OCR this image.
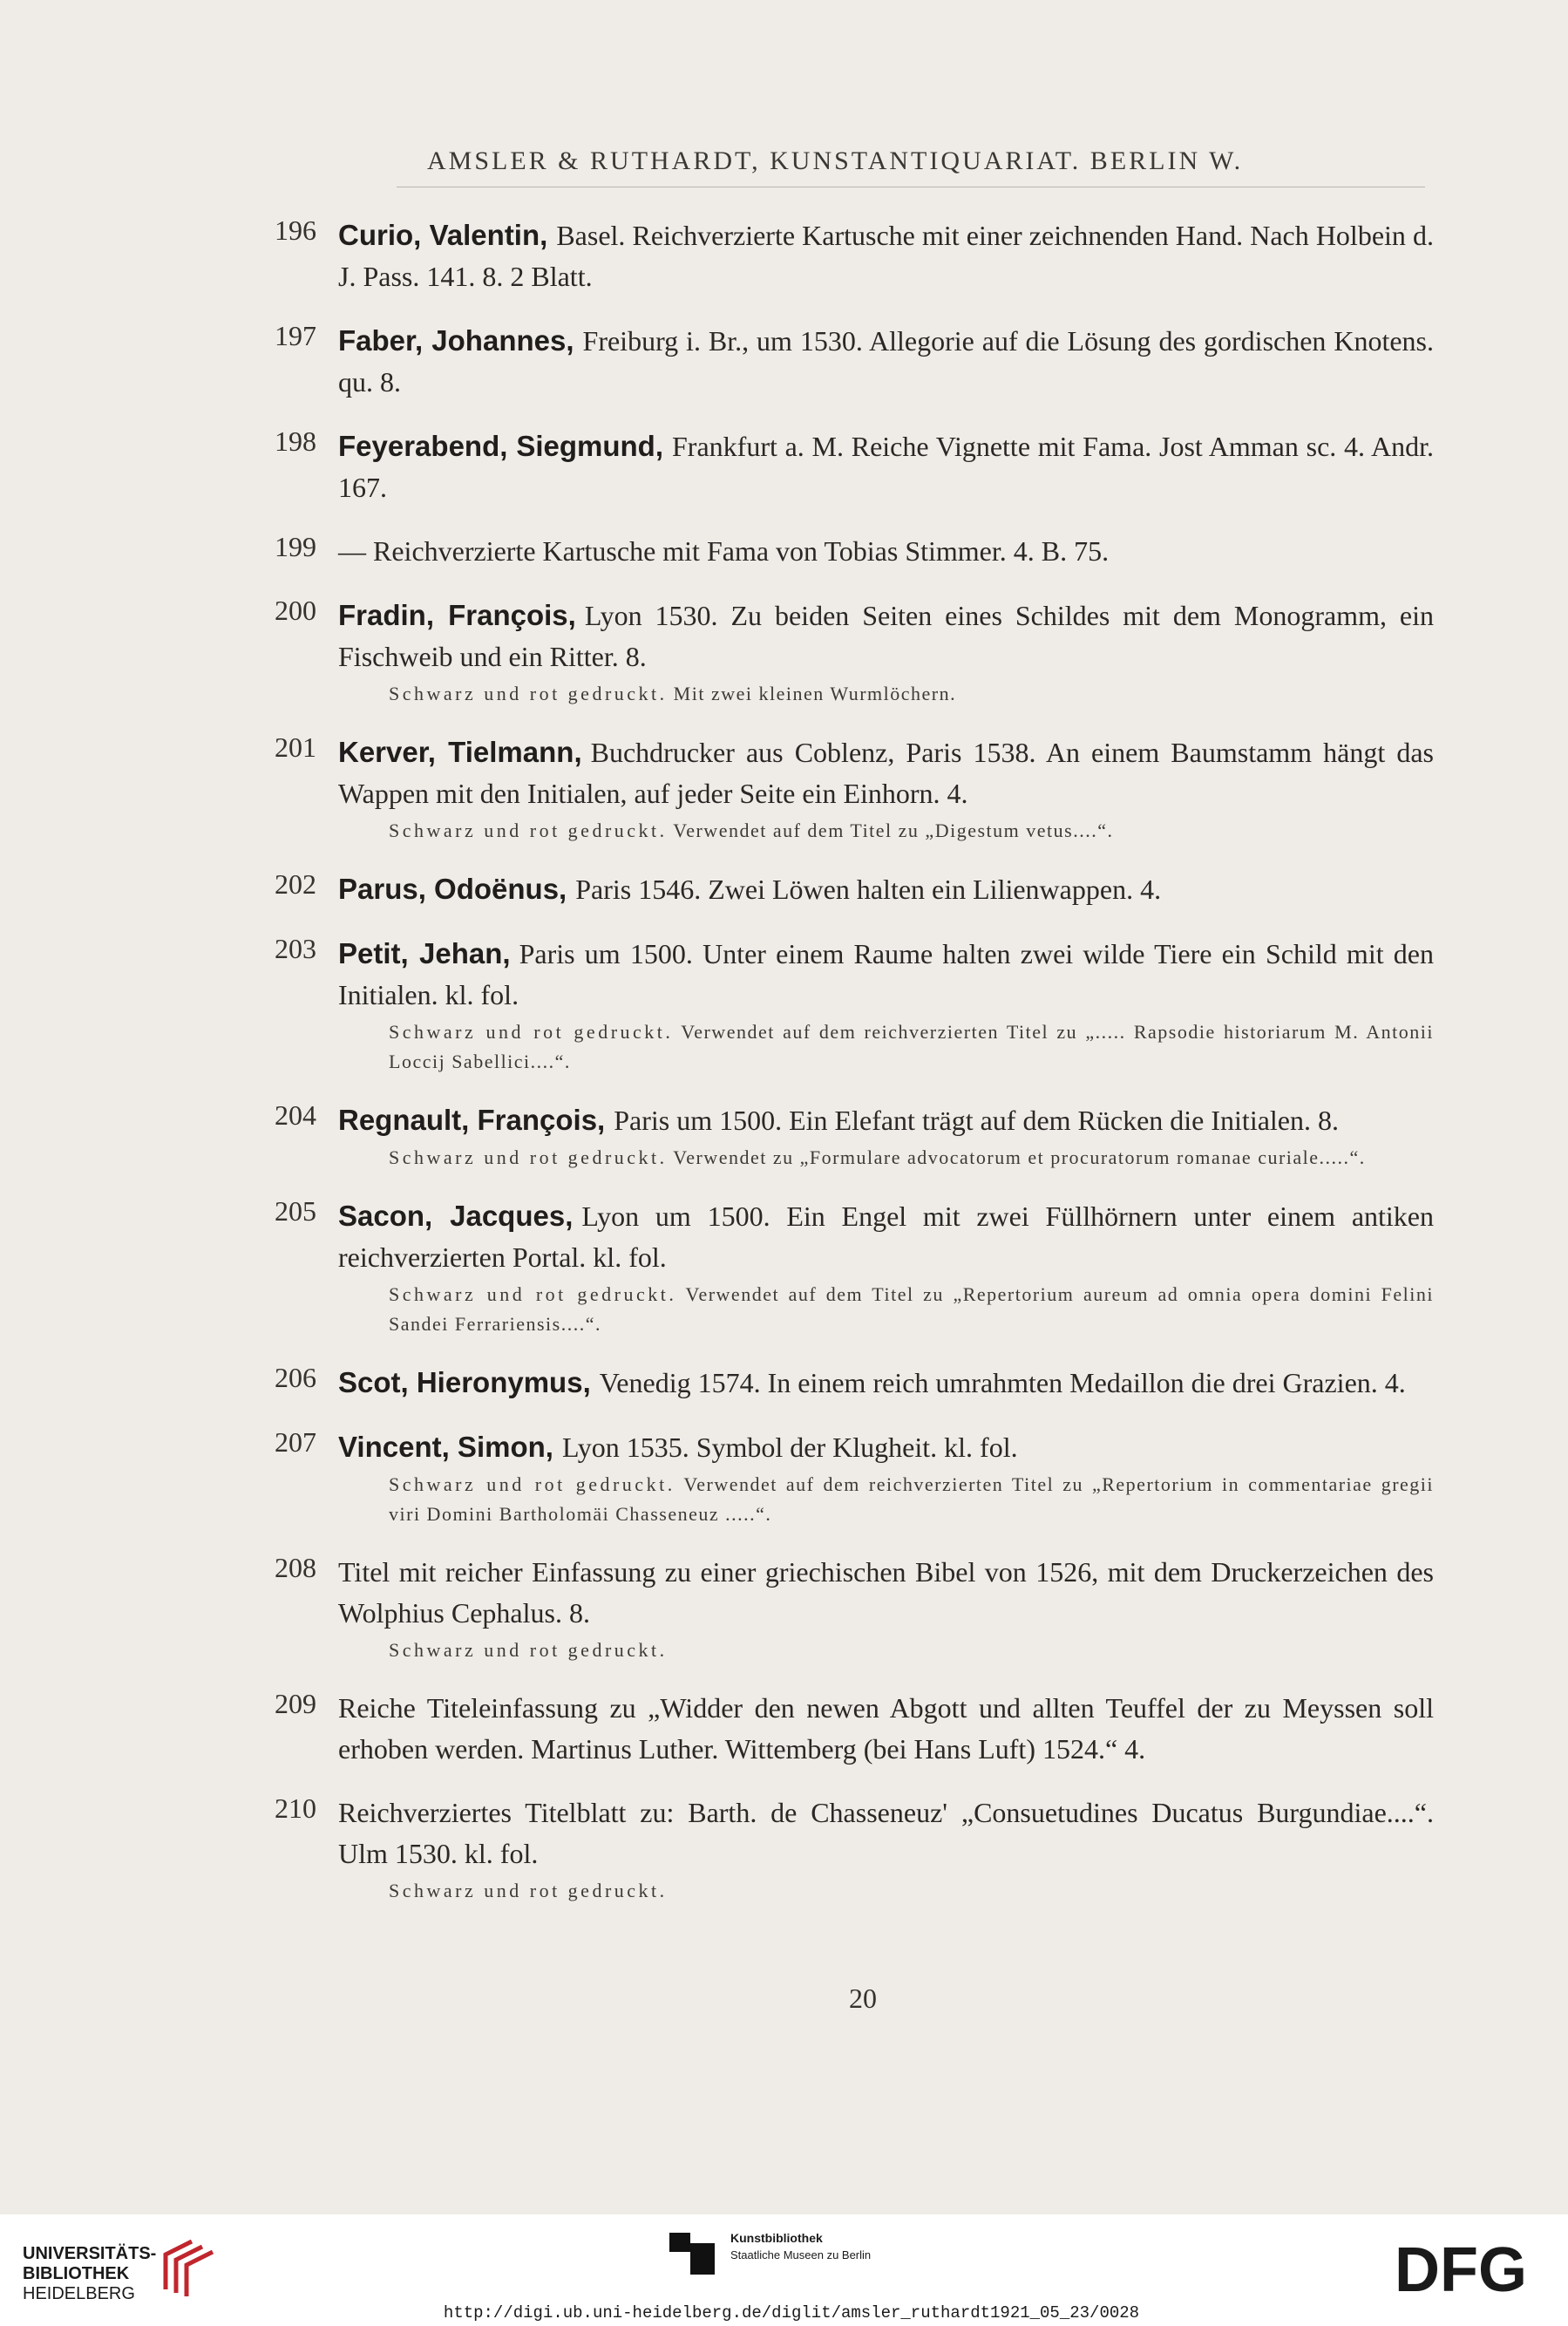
AMSLER & RUTHARDT, KUNSTANTIQUARIAT. BERLIN W.
196 Curio, Valentin, Basel. Reichverzierte Kartusche mit einer zeichnenden Hand. Nach Holbein d. J. Pass. 141. 8. 2 Blatt.
197 Faber, Johannes, Freiburg i. Br., um 1530. Allegorie auf die Lösung des gordischen Knotens. qu. 8.
198 Feyerabend, Siegmund, Frankfurt a. M. Reiche Vignette mit Fama. Jost Amman sc. 4. Andr. 167.
199 — Reichverzierte Kartusche mit Fama von Tobias Stimmer. 4. B. 75.
200 Fradin, François, Lyon 1530. Zu beiden Seiten eines Schildes mit dem Monogramm, ein Fischweib und ein Ritter. 8.
Schwarz und rot gedruckt. Mit zwei kleinen Wurmlöchern.
201 Kerver, Tielmann, Buchdrucker aus Coblenz, Paris 1538. An einem Baumstamm hängt das Wappen mit den Initialen, auf jeder Seite ein Einhorn. 4.
Schwarz und rot gedruckt. Verwendet auf dem Titel zu „Digestum vetus....“.
202 Parus, Odoënus, Paris 1546. Zwei Löwen halten ein Lilienwappen. 4.
203 Petit, Jehan, Paris um 1500. Unter einem Raume halten zwei wilde Tiere ein Schild mit den Initialen. kl. fol.
Schwarz und rot gedruckt. Verwendet auf dem reichverzierten Titel zu „..... Rapsodie historiarum M. Antonii Loccij Sabellici....“.
204 Regnault, François, Paris um 1500. Ein Elefant trägt auf dem Rücken die Initialen. 8.
Schwarz und rot gedruckt. Verwendet zu „Formulare advocatorum et procuratorum romanae curiale.....“.
205 Sacon, Jacques, Lyon um 1500. Ein Engel mit zwei Füllhörnern unter einem antiken reichverzierten Portal. kl. fol.
Schwarz und rot gedruckt. Verwendet auf dem Titel zu „Repertorium aureum ad omnia opera domini Felini Sandei Ferrariensis....“.
206 Scot, Hieronymus, Venedig 1574. In einem reich umrahmten Medaillon die drei Grazien. 4.
207 Vincent, Simon, Lyon 1535. Symbol der Klugheit. kl. fol.
Schwarz und rot gedruckt. Verwendet auf dem reichverzierten Titel zu „Repertorium in commentariae gregii viri Domini Bartholomäi Chasseneuz .....“.
208 Titel mit reicher Einfassung zu einer griechischen Bibel von 1526, mit dem Druckerzeichen des Wolphius Cephalus. 8.
Schwarz und rot gedruckt.
209 Reiche Titeleinfassung zu „Widder den newen Abgott und allten Teuffel der zu Meyssen soll erhoben werden. Martinus Luther. Wittemberg (bei Hans Luft) 1524.“ 4.
210 Reichverziertes Titelblatt zu: Barth. de Chasseneuz' „Consuetudines Ducatus Burgundiae....“. Ulm 1530. kl. fol.
Schwarz und rot gedruckt.
20
UNIVERSITÄTS-
BIBLIOTHEK
HEIDELBERG
Kunstbibliothek
Staatliche Museen zu Berlin	DFG
http://digi.ub.uni-heidelberg.de/diglit/amsler_ruthardt1921_05_23/0028
